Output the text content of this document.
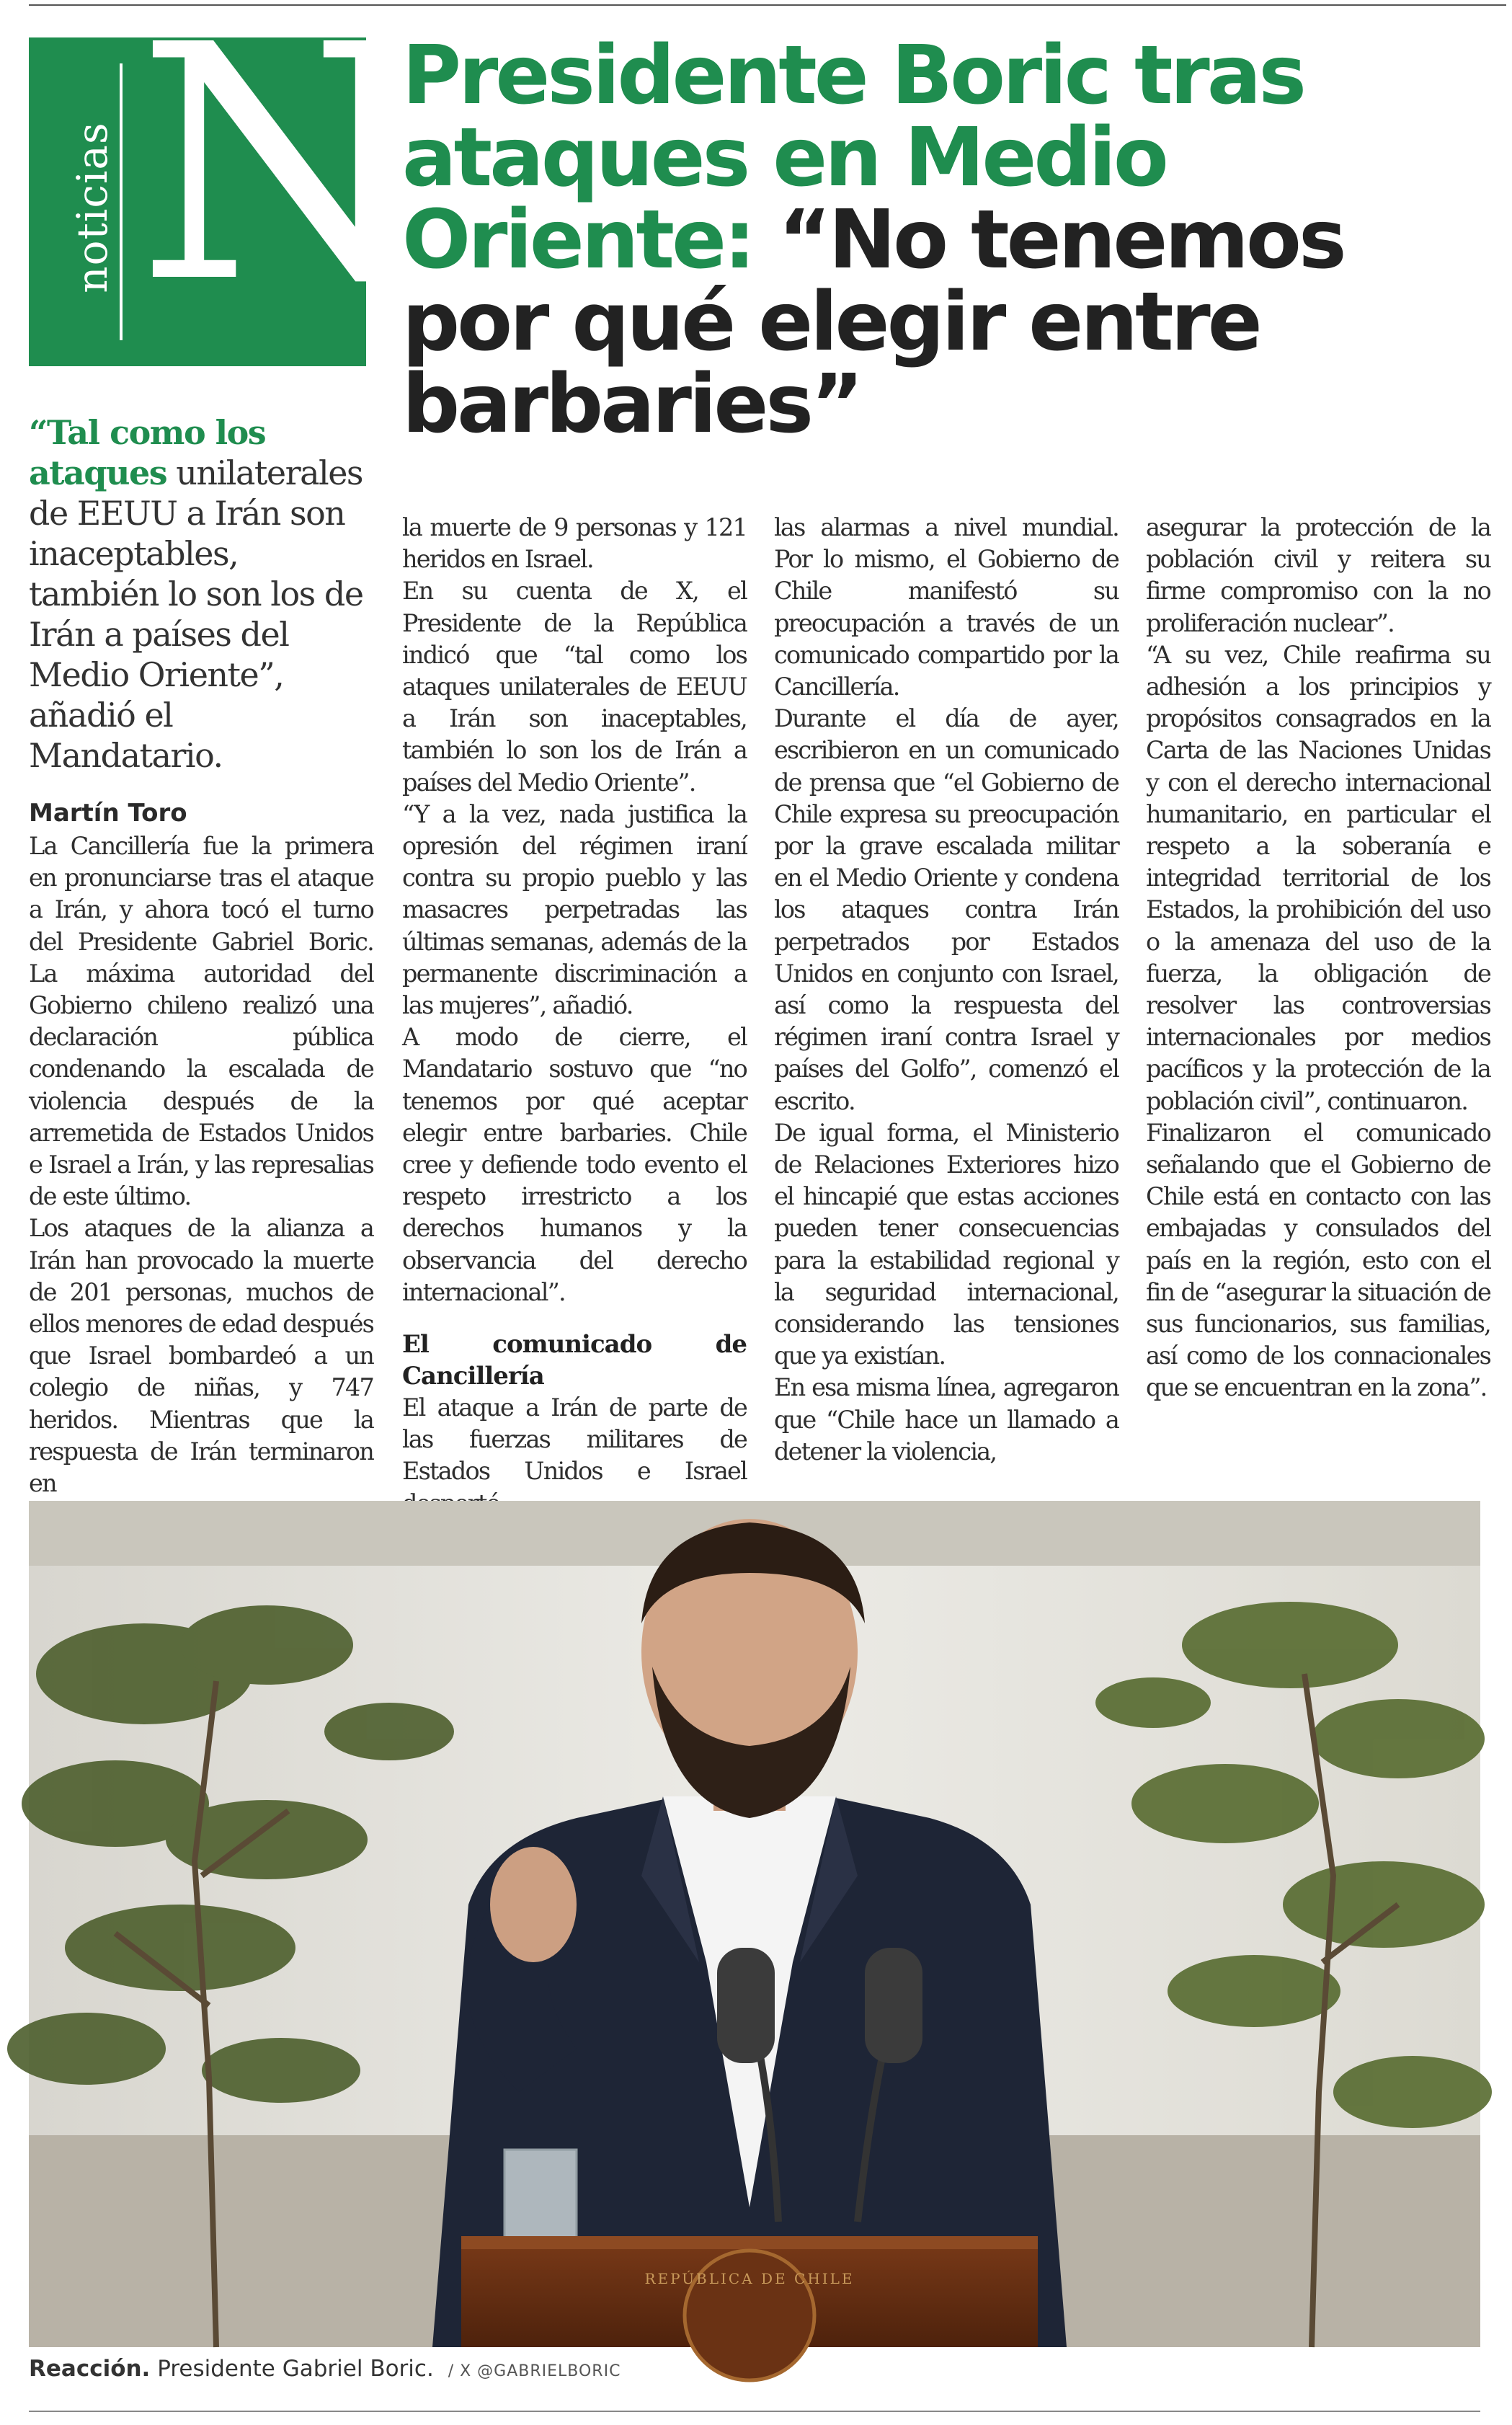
noticias N
Presidente Boric tras ataques en Medio Oriente: “No tenemos por qué elegir entre barbaries”

“Tal como los ataques unilaterales de EEUU a Irán son inaceptables, también lo son los de Irán a países del Medio Oriente”, añadió el Mandatario.

Martín Toro

La Cancillería fue la primera en pronunciarse tras el ataque a Irán, y ahora tocó el turno del Presidente Gabriel Boric. La máxima autoridad del Gobierno chileno realizó una declaración pública condenando la escalada de violencia después de la arremetida de Estados Unidos e Israel a Irán, y las represalias de este último.

Los ataques de la alianza a Irán han provocado la muerte de 201 personas, muchos de ellos menores de edad después que Israel bombardeó a un colegio de niñas, y 747 heridos. Mientras que la respuesta de Irán terminaron en

la muerte de 9 personas y 121 heridos en Israel.

En su cuenta de X, el Presidente de la República indicó que “tal como los ataques unilaterales de EEUU a Irán son inaceptables, también lo son los de Irán a países del Medio Oriente”.

“Y a la vez, nada justifica la opresión del régimen iraní contra su propio pueblo y las masacres perpetradas las últimas semanas, además de la permanente discriminación a las mujeres”, añadió.

A modo de cierre, el Mandatario sostuvo que “no tenemos por qué aceptar elegir entre barbaries. Chile cree y defiende todo evento el respeto irrestricto a los derechos humanos y la observancia del derecho internacional”.

El comunicado de Cancillería

El ataque a Irán de parte de las fuerzas militares de Estados Unidos e Israel

las alarmas a nivel mundial. Por lo mismo, el Gobierno de Chile manifestó su preocupación a través de un comunicado compartido por la Cancillería.

Durante el día de ayer, escribieron en un comunicado de prensa que “el Gobierno de Chile expresa su preocupación por la grave escalada militar en el Medio Oriente y condena los ataques contra Irán perpetrados por Estados Unidos en conjunto con Israel, así como la respuesta del régimen iraní contra Israel y países del Golfo”, comenzó el escrito.

De igual forma, el Ministerio de Relaciones Exteriores hizo el hincapié que estas acciones pueden tener consecuencias para la estabilidad regional y la seguridad internacional, considerando las tensiones que ya existían.

En esa misma línea, agregaron que “Chile hace un llamado a detener la violencia,

asegurar la protección de la población civil y reitera su firme compromiso con la no proliferación nuclear”.

“A su vez, Chile reafirma su adhesión a los principios y propósitos consagrados en la Carta de las Naciones Unidas y con el derecho internacional humanitario, en particular el respeto a la soberanía e integridad territorial de los Estados, la prohibición del uso o la amenaza del uso de la fuerza, la obligación de resolver las controversias internacionales por medios pacíficos y la protección de la población civil”, continuaron.

Finalizaron el comunicado señalando que el Gobierno de Chile está en contacto con las embajadas y consulados del país en la región, esto con el fin de “asegurar la situación de sus funcionarios, sus familias, así como de los connacionales que se encuentran en la zona”.

REPÚBLICA DE CHILE
Reacción. Presidente Gabriel Boric. / X @GABRIELBORIC
